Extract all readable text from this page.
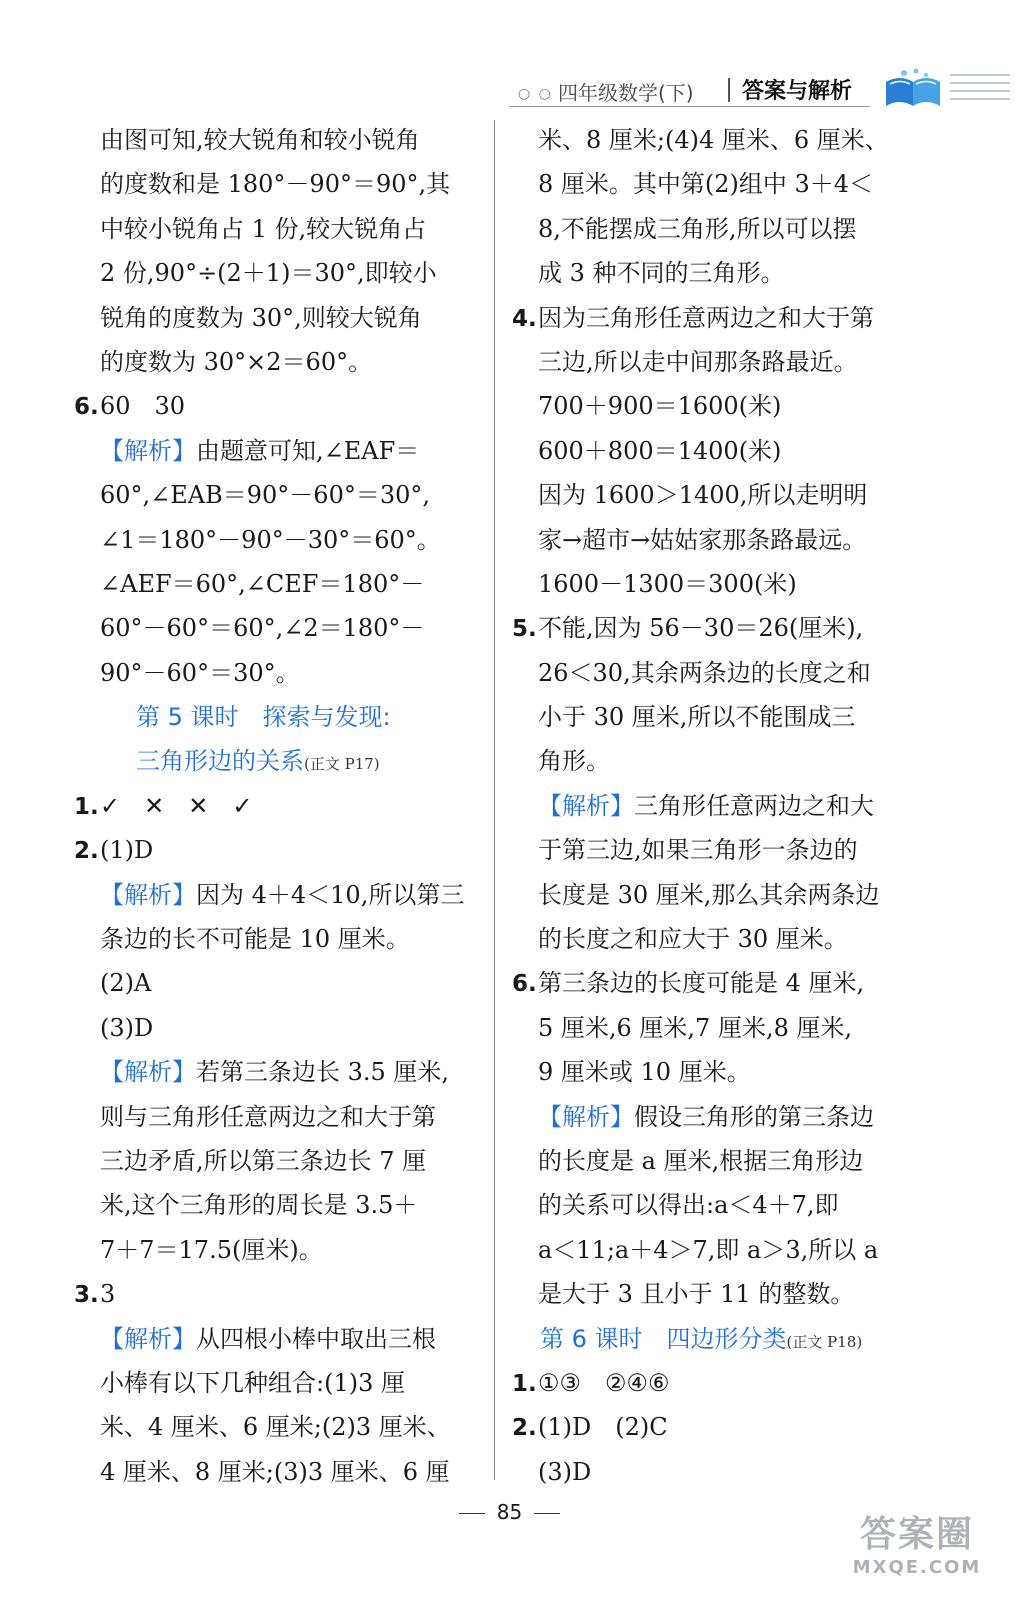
○ ○ 四年级数学(下) 答案与解析
由图可知,较大锐角和较小锐角
的度数和是 180°－90°＝90°,其
中较小锐角占 1 份,较大锐角占
2 份,90°÷(2＋1)＝30°,即较小
锐角的度数为 30°,则较大锐角
的度数为 30°×2＝60°。
6.60　30
【解析】由题意可知,∠EAF＝
60°,∠EAB＝90°－60°＝30°,
∠1＝180°－90°－30°＝60°。
∠AEF＝60°,∠CEF＝180°－
60°－60°＝60°,∠2＝180°－
90°－60°＝30°。
第 5 课时　探索与发现:
三角形边的关系(正文 P17)
1.✓　✕　✕　✓
2.(1)D
【解析】因为 4＋4＜10,所以第三
条边的长不可能是 10 厘米。
(2)A
(3)D
【解析】若第三条边长 3.5 厘米,
则与三角形任意两边之和大于第
三边矛盾,所以第三条边长 7 厘
米,这个三角形的周长是 3.5＋
7＋7＝17.5(厘米)。
3.3
【解析】从四根小棒中取出三根
小棒有以下几种组合:(1)3 厘
米、4 厘米、6 厘米;(2)3 厘米、
4 厘米、8 厘米;(3)3 厘米、6 厘
米、8 厘米;(4)4 厘米、6 厘米、
8 厘米。其中第(2)组中 3＋4＜
8,不能摆成三角形,所以可以摆
成 3 种不同的三角形。
4.因为三角形任意两边之和大于第
三边,所以走中间那条路最近。
700＋900＝1600(米)
600＋800＝1400(米)
因为 1600＞1400,所以走明明
家→超市→姑姑家那条路最远。
1600－1300＝300(米)
5.不能,因为 56－30＝26(厘米),
26＜30,其余两条边的长度之和
小于 30 厘米,所以不能围成三
角形。
【解析】三角形任意两边之和大
于第三边,如果三角形一条边的
长度是 30 厘米,那么其余两条边
的长度之和应大于 30 厘米。
6.第三条边的长度可能是 4 厘米,
5 厘米,6 厘米,7 厘米,8 厘米,
9 厘米或 10 厘米。
【解析】假设三角形的第三条边
的长度是 a 厘米,根据三角形边
的关系可以得出:a＜4＋7,即
a＜11;a＋4＞7,即 a＞3,所以 a
是大于 3 且小于 11 的整数。
第 6 课时　四边形分类(正文 P18)
1.①③　②④⑥
2.(1)D　(2)C
(3)D
85
答案圈
MXQE.COM
